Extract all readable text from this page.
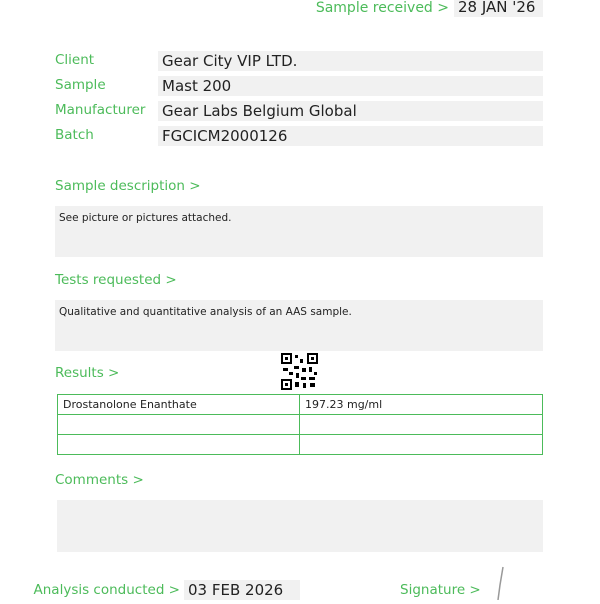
Sample received > 28 JAN '26
Client	Gear City VIP LTD.
Sample	Mast 200
Manufacturer Gear Labs Belgium Global
Batch	FGCICM2000126
Sample description >
See picture or pictures attached.
Tests requested >
Qualitative and quantitative analysis of an AAS sample.
Results >
Drostanolone Enanthate	197.23 mg/ml

Comments >
Analysis conducted > 03 FEB 2026	Signature >
